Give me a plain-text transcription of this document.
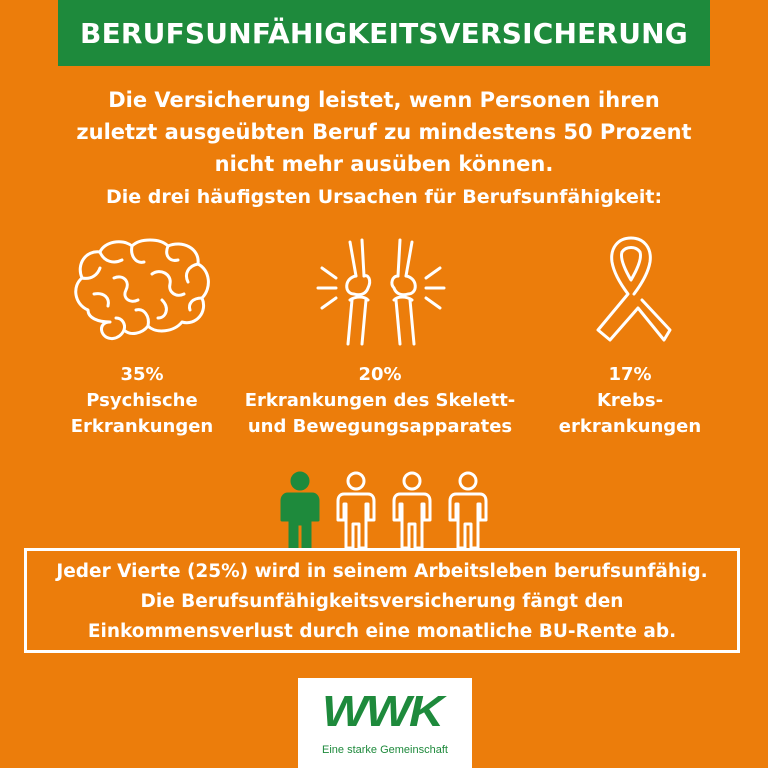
BERUFSUNFÄHIGKEITSVERSICHERUNG
Die Versicherung leistet, wenn Personen ihren
zuletzt ausgeübten Beruf zu mindestens 50 Prozent
nicht mehr ausüben können.
Die drei häufigsten Ursachen für Berufsunfähigkeit:
35%
Psychische
Erkrankungen
20%
Erkrankungen des Skelett-
und Bewegungsapparates
17%
Krebs-
erkrankungen
Jeder Vierte (25%) wird in seinem Arbeitsleben berufsunfähig.
Die Berufsunfähigkeitsversicherung fängt den
Einkommensverlust durch eine monatliche BU-Rente ab.
WWK
Eine starke Gemeinschaft
